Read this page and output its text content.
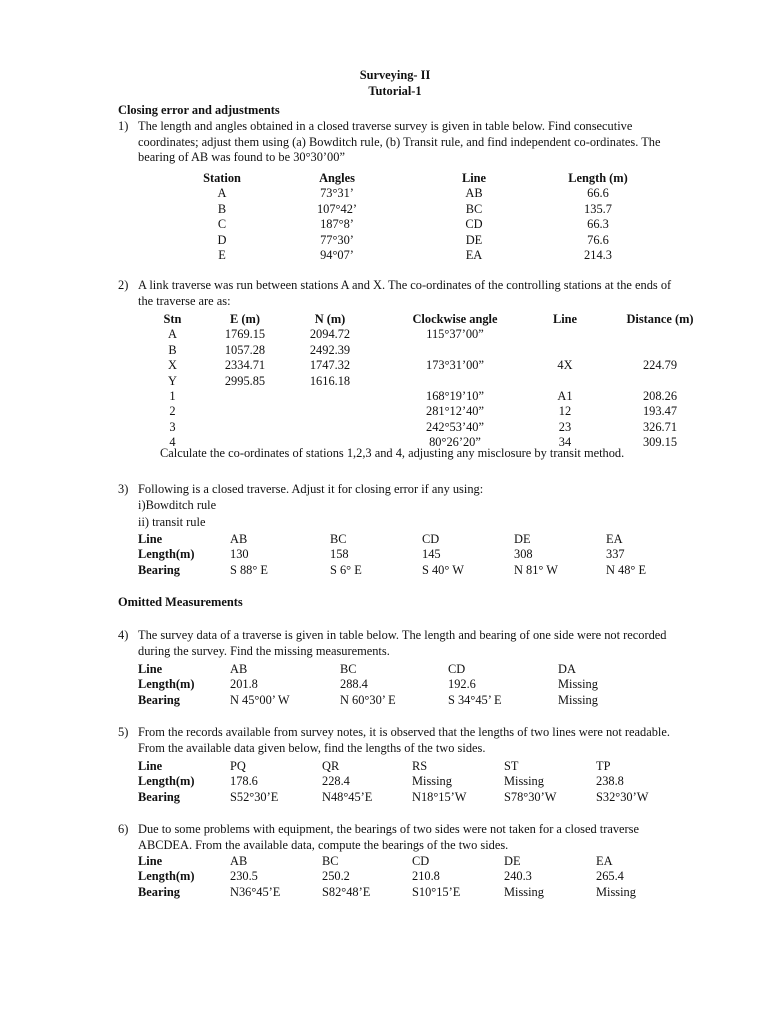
Surveying- II
Tutorial-1
Closing error and adjustments
1) The length and angles obtained in a closed traverse survey is given in table below. Find consecutive coordinates; adjust them using (a) Bowditch rule, (b) Transit rule, and find independent co-ordinates. The bearing of AB was found to be 30°30’00”
Station	Angles	Line	Length (m)
A	73°31’	AB	66.6
B	107°42’	BC	135.7
C	187°8’	CD	66.3
D	77°30’	DE	76.6
E	94°07’	EA	214.3
2) A link traverse was run between stations A and X. The co-ordinates of the controlling stations at the ends of the traverse are as:
Stn	E (m)	N (m)	Clockwise angle	Line	Distance (m)
A	1769.15	2094.72	115°37’00”		
B	1057.28	2492.39			
X	2334.71	1747.32	173°31’00”	4X	224.79
Y	2995.85	1616.18			
1			168°19’10”	A1	208.26
2			281°12’40”	12	193.47
3			242°53’40”	23	326.71
4			80°26’20”	34	309.15
Calculate the co-ordinates of stations 1,2,3 and 4, adjusting any misclosure by transit method.
3) Following is a closed traverse. Adjust it for closing error if any using:
i)Bowditch rule
ii) transit rule
Line	AB	BC	CD	DE	EA
Length(m)	130	158	145	308	337
Bearing	S 88° E	S 6° E	S 40° W	N 81° W	N 48° E
Omitted Measurements
4) The survey data of a traverse is given in table below. The length and bearing of one side were not recorded during the survey. Find the missing measurements.
Line	AB	BC	CD	DA
Length(m)	201.8	288.4	192.6	Missing
Bearing	N 45°00’ W	N 60°30’ E	S 34°45’ E	Missing
5) From the records available from survey notes, it is observed that the lengths of two lines were not readable. From the available data given below, find the lengths of the two sides.
Line	PQ	QR	RS	ST	TP
Length(m)	178.6	228.4	Missing	Missing	238.8
Bearing	S52°30’E	N48°45’E	N18°15’W	S78°30’W	S32°30’W
6) Due to some problems with equipment, the bearings of two sides were not taken for a closed traverse ABCDEA. From the available data, compute the bearings of the two sides.
Line	AB	BC	CD	DE	EA
Length(m)	230.5	250.2	210.8	240.3	265.4
Bearing	N36°45’E	S82°48’E	S10°15’E	Missing	Missing
